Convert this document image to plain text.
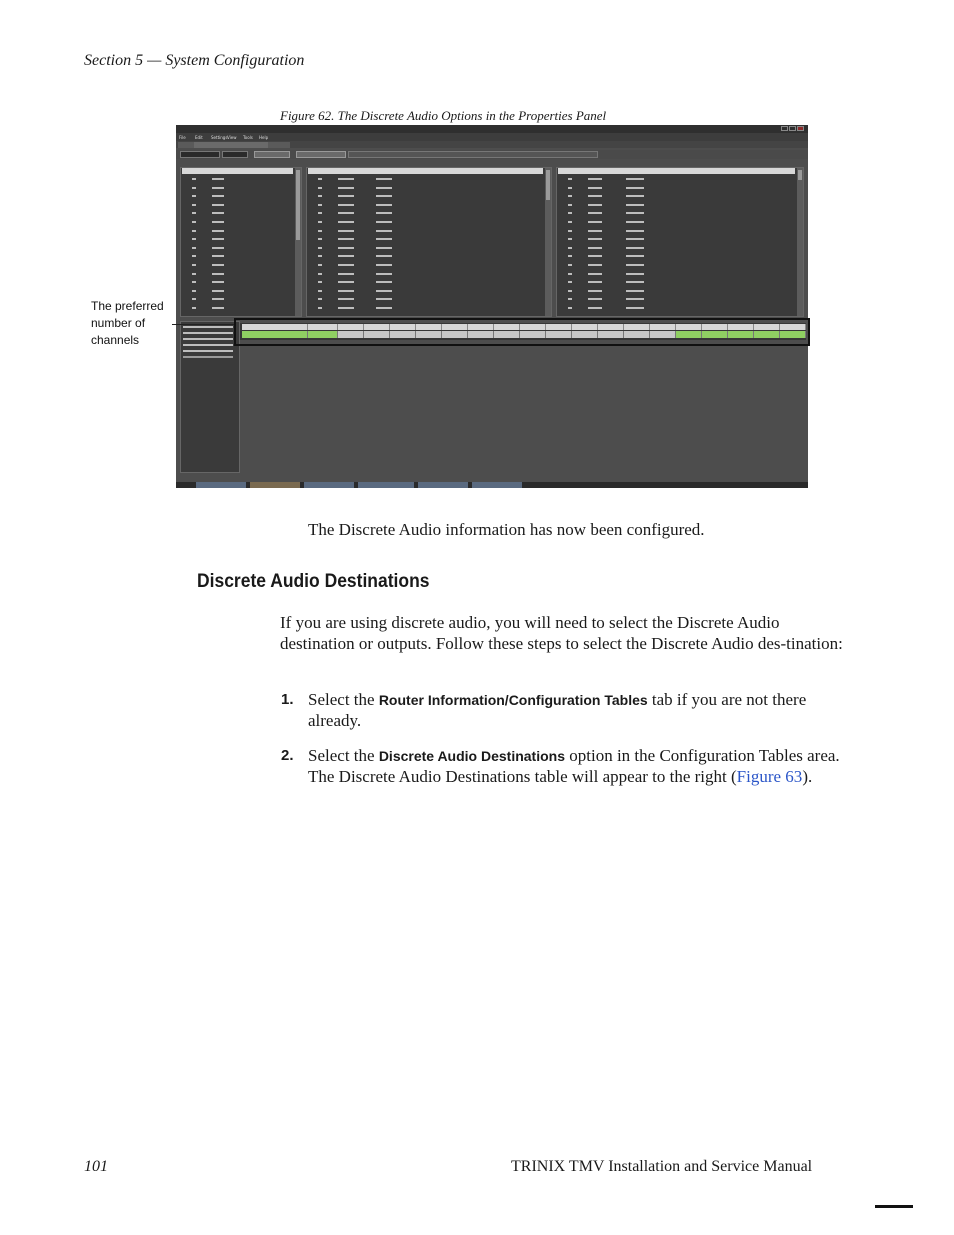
Section 5 — System Configuration
Figure 62. The Discrete Audio Options in the Properties Panel
File Edit Settings View Tools Help
The preferred number of channels
The Discrete Audio information has now been configured.
Discrete Audio Destinations
If you are using discrete audio, you will need to select the Discrete Audio destination or outputs. Follow these steps to select the Discrete Audio des-tination:
1. Select the Router Information/Configuration Tables tab if you are not there already.
2. Select the Discrete Audio Destinations option in the Configuration Tables area. The Discrete Audio Destinations table will appear to the right (Figure 63).
101	TRINIX TMV Installation and Service Manual
